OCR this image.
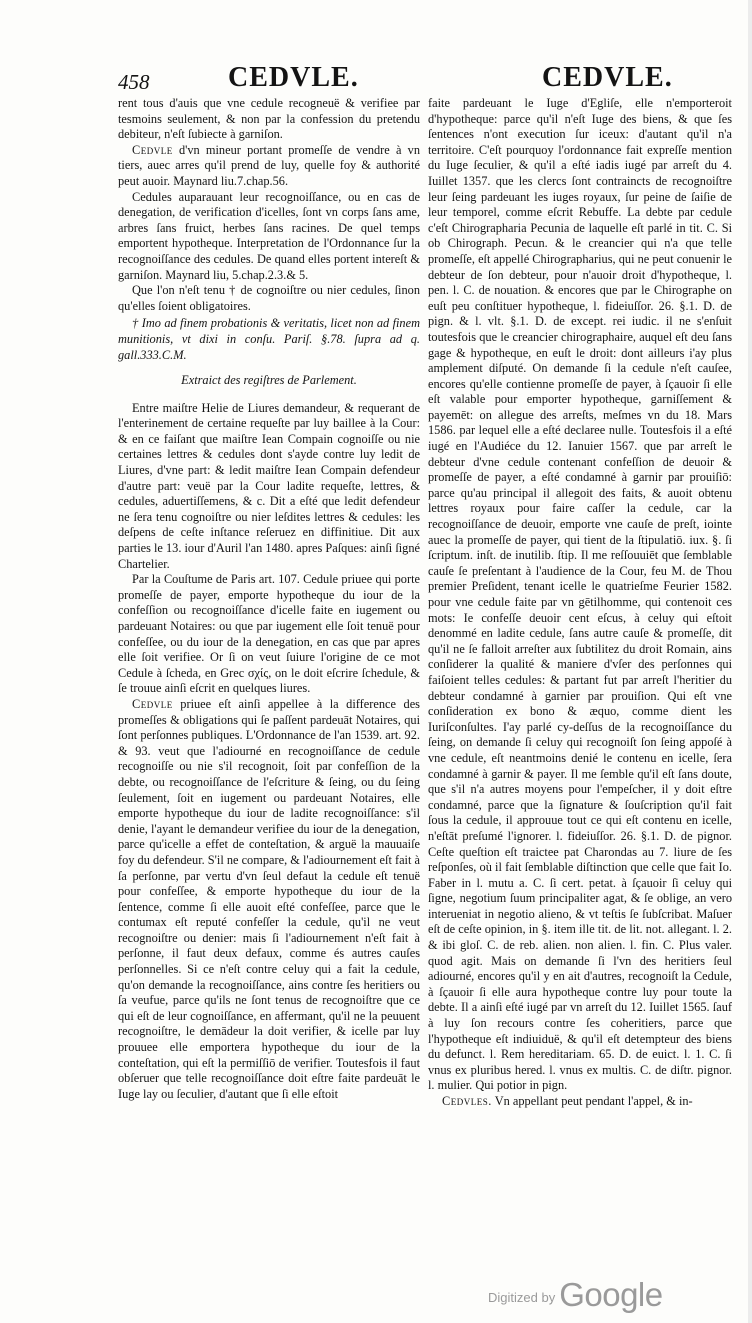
458	CEDVLE.	CEDVLE.

rent tous d'auis que vne cedule recogneuë & verifiee par tesmoins seulement, & non par la confession du pretendu debiteur, n'eſt ſubiecte à garniſon.

Cedvle d'vn mineur portant promeſſe de vendre à vn tiers, auec arres qu'il prend de luy, quelle foy & authorité peut auoir. Maynard liu.7.chap.56.

Cedules auparauant leur recognoiſſance, ou en cas de denegation, de verification d'icelles, ſont vn corps ſans ame, arbres ſans fruict, herbes ſans racines. De quel temps emportent hypotheque. Interpretation de l'Ordonnance ſur la recognoiſſance des cedules. De quand elles portent intereſt & garniſon. Maynard liu, 5.chap.2.3.& 5.

Que l'on n'eſt tenu † de cognoiſtre ou nier cedules, ſinon qu'elles ſoient obligatoires.

† Imo ad finem probationis & veritatis, licet non ad finem munitionis, vt dixi in conſu. Pariſ. §.78. ſupra ad q. gall.333.C.M.

Extraict des regiſtres de Parlement.

Entre maiſtre Helie de Liures demandeur, & requerant de l'enterinement de certaine requeſte par luy baillee à la Cour: & en ce faiſant que maiſtre Iean Compain cognoiſſe ou nie certaines lettres & cedules dont s'ayde contre luy ledit de Liures, d'vne part: & ledit maiſtre Iean Compain defendeur d'autre part: veuë par la Cour ladite requeſte, lettres, & cedules, aduertiſſemens, & c. Dit a eſté que ledit defendeur ne ſera tenu cognoiſtre ou nier leſdites lettres & cedules: les deſpens de ceſte inſtance reſeruez en diffinitiue. Dit aux parties le 13. iour d'Auril l'an 1480. apres Paſques: ainſi ſigné Chartelier.

Par la Couſtume de Paris art. 107. Cedule priuee qui porte promeſſe de payer, emporte hypotheque du iour de la confeſſion ou recognoiſſance d'icelle faite en iugement ou pardeuant Notaires: ou que par iugement elle ſoit tenuë pour confeſſee, ou du iour de la denegation, en cas que par apres elle ſoit verifiee. Or ſi on veut ſuiure l'origine de ce mot Cedule à ſcheda, en Grec σχίς, on le doit eſcrire ſchedule, & ſe trouue ainſi eſcrit en quelques liures.

Cedvle priuee eſt ainſi appellee à la difference des promeſſes & obligations qui ſe paſſent pardeuāt Notaires, qui ſont perſonnes publiques. L'Ordonnance de l'an 1539. art. 92. & 93. veut que l'adiourné en recognoiſſance de cedule recognoiſſe ou nie s'il recognoit, ſoit par confeſſion de la debte, ou recognoiſſance de l'eſcriture & ſeing, ou du ſeing ſeulement, ſoit en iugement ou pardeuant Notaires, elle emporte hypotheque du iour de ladite recognoiſſance: s'il denie, l'ayant le demandeur verifiee du iour de la denegation, parce qu'icelle a effet de conteſtation, & arguë la mauuaiſe foy du defendeur. S'il ne compare, & l'adiournement eſt fait à ſa perſonne, par vertu d'vn ſeul defaut la cedule eſt tenuë pour confeſſee, & emporte hypotheque du iour de la ſentence, comme ſi elle auoit eſté confeſſee, parce que le contumax eſt reputé confeſſer la cedule, qu'il ne veut recognoiſtre ou denier: mais ſi l'adiournement n'eſt fait à perſonne, il faut deux defaux, comme és autres cauſes perſonnelles. Si ce n'eſt contre celuy qui a fait la cedule, qu'on demande la recognoiſſance, ains contre ſes heritiers ou ſa veufue, parce qu'ils ne ſont tenus de recognoiſtre que ce qui eſt de leur cognoiſſance, en affermant, qu'il ne la peuuent recognoiſtre, le demādeur la doit verifier, & icelle par luy prouuee elle emportera hypotheque du iour de la conteſtation, qui eſt la permiſſiō de verifier. Toutesfois il faut obſeruer que telle recognoiſſance doit eſtre faite pardeuāt le Iuge lay ou ſeculier, d'autant que ſi elle eſtoit

faite pardeuant le Iuge d'Egliſe, elle n'emporteroit d'hypotheque: parce qu'il n'eſt Iuge des biens, & que ſes ſentences n'ont execution ſur iceux: d'autant qu'il n'a territoire. C'eſt pourquoy l'ordonnance fait expreſſe mention du Iuge ſeculier, & qu'il a eſté iadis iugé par arreſt du 4. Iuillet 1357. que les clercs ſont contraincts de recognoiſtre leur ſeing pardeuant les iuges royaux, ſur peine de ſaiſie de leur temporel, comme eſcrit Rebuffe. La debte par cedule c'eſt Chirographaria Pecunia de laquelle eſt parlé in tit. C. Si ob Chirograph. Pecun. & le creancier qui n'a que telle promeſſe, eſt appellé Chirographarius, qui ne peut conuenir le debteur de ſon debteur, pour n'auoir droit d'hypotheque, l. pen. l. C. de nouation. & encores que par le Chirographe on euſt peu conſtituer hypotheque, l. fideiuſſor. 26. §.1. D. de pign. & l. vlt. §.1. D. de except. rei iudic. il ne s'enſuit toutesfois que le creancier chirographaire, auquel eſt deu ſans gage & hypotheque, en euſt le droit: dont ailleurs i'ay plus amplement diſputé. On demande ſi la cedule n'eſt cauſee, encores qu'elle contienne promeſſe de payer, à ſçauoir ſi elle eſt valable pour emporter hypotheque, garniſſement & payemēt: on allegue des arreſts, meſmes vn du 18. Mars 1586. par lequel elle a eſté declaree nulle. Toutesfois il a eſté iugé en l'Audiéce du 12. Ianuier 1567. que par arreſt le debteur d'vne cedule contenant confeſſion de deuoir & promeſſe de payer, a eſté condamné à garnir par prouiſiō: parce qu'au principal il allegoit des faits, & auoit obtenu lettres royaux pour faire caſſer la cedule, car la recognoiſſance de deuoir, emporte vne cauſe de preſt, iointe auec la promeſſe de payer, qui tient de la ſtipulatiō. iux. §. ſi ſcriptum. inſt. de inutilib. ſtip. Il me reſſouuiēt que ſemblable cauſe ſe preſentant à l'audience de la Cour, feu M. de Thou premier Preſident, tenant icelle le quatrieſme Feurier 1582. pour vne cedule faite par vn gētilhomme, qui contenoit ces mots: Ie confeſſe deuoir cent eſcus, à celuy qui eſtoit denommé en ladite cedule, ſans autre cauſe & promeſſe, dit qu'il ne ſe falloit arreſter aux ſubtilitez du droit Romain, ains conſiderer la qualité & maniere d'vſer des perſonnes qui faiſoient telles cedules: & partant fut par arreſt l'heritier du debteur condamné à garnier par prouiſion. Qui eſt vne conſideration ex bono & æquo, comme dient les Iuriſconſultes. I'ay parlé cy-deſſus de la recognoiſſance du ſeing, on demande ſi celuy qui recognoiſt ſon ſeing appoſé à vne cedule, eſt neantmoins denié le contenu en icelle, ſera condamné à garnir & payer. Il me ſemble qu'il eſt ſans doute, que s'il n'a autres moyens pour l'empeſcher, il y doit eſtre condamné, parce que la ſignature & ſouſcription qu'il fait ſous la cedule, il approuue tout ce qui eſt contenu en icelle, n'eſtāt preſumé l'ignorer. l. fideiuſſor. 26. §.1. D. de pignor. Ceſte queſtion eſt traictee pat Charondas au 7. liure de ſes reſponſes, où il fait ſemblable diſtinction que celle que fait Io. Faber in l. mutu a. C. ſi cert. petat. à ſçauoir ſi celuy qui ſigne, negotium ſuum principaliter agat, & ſe oblige, an vero interueniat in negotio alieno, & vt teſtis ſe ſubſcribat. Maſuer eſt de ceſte opinion, in §. item ille tit. de lit. not. allegant. l. 2. & ibi gloſ. C. de reb. alien. non alien. l. fin. C. Plus valer. quod agit. Mais on demande ſi l'vn des heritiers ſeul adiourné, encores qu'il y en ait d'autres, recognoiſt la Cedule, à ſçauoir ſi elle aura hypotheque contre luy pour toute la debte. Il a ainſi eſté iugé par vn arreſt du 12. Iuillet 1565. ſauf à luy ſon recours contre ſes coheritiers, parce que l'hypotheque eſt indiuiduë, & qu'il eſt detempteur des biens du defunct. l. Rem hereditariam. 65. D. de euict. l. 1. C. ſi vnus ex pluribus hered. l. vnus ex multis. C. de diſtr. pignor. l. mulier. Qui potior in pign.

Cedvles. Vn appellant peut pendant l'appel, & in-

$^{Digitized by}$ Google
